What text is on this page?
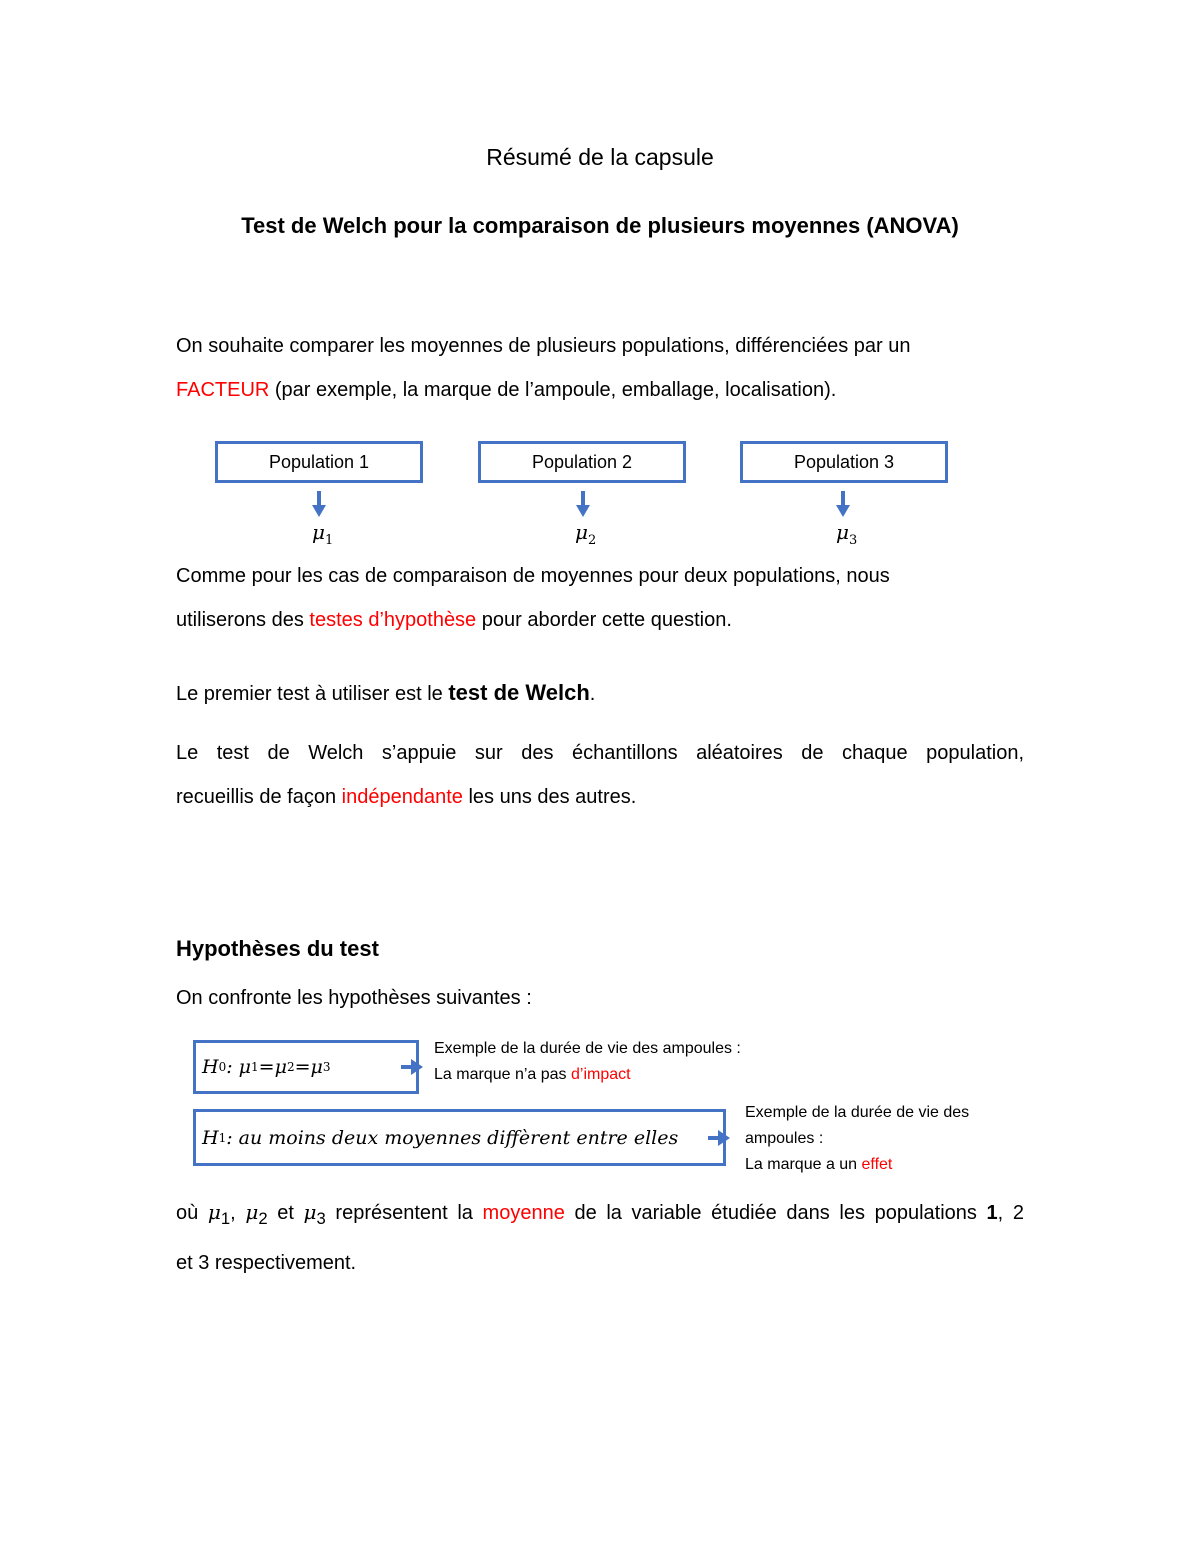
Résumé de la capsule
Test de Welch pour la comparaison de plusieurs moyennes (ANOVA)

On souhaite comparer les moyennes de plusieurs populations, différenciées par un
FACTEUR (par exemple, la marque de l’ampoule, emballage, localisation).

Population 1	Population 2	Population 3
$\mu_1$	$\mu_2$	$\mu_3$

Comme pour les cas de comparaison de moyennes pour deux populations, nous
utiliserons des testes d’hypothèse pour aborder cette question.

Le premier test à utiliser est le test de Welch.

Le test de Welch s’appuie sur des échantillons aléatoires de chaque population,
recueillis de façon indépendante les uns des autres.

Hypothèses du test
On confronte les hypothèses suivantes :
H 0 : μ 1 =μ 2 =μ 3
Exemple de la durée de vie des ampoules :
La marque n’a pas d’impact
H 1 : au moins deux moyennes diffèrent entre elles
Exemple de la durée de vie des
ampoules :
La marque a un effet

où $\mu_1$, $\mu_2$ et $\mu_3$ représentent la moyenne de la variable étudiée dans les populations 1, 2
et 3 respectivement.
